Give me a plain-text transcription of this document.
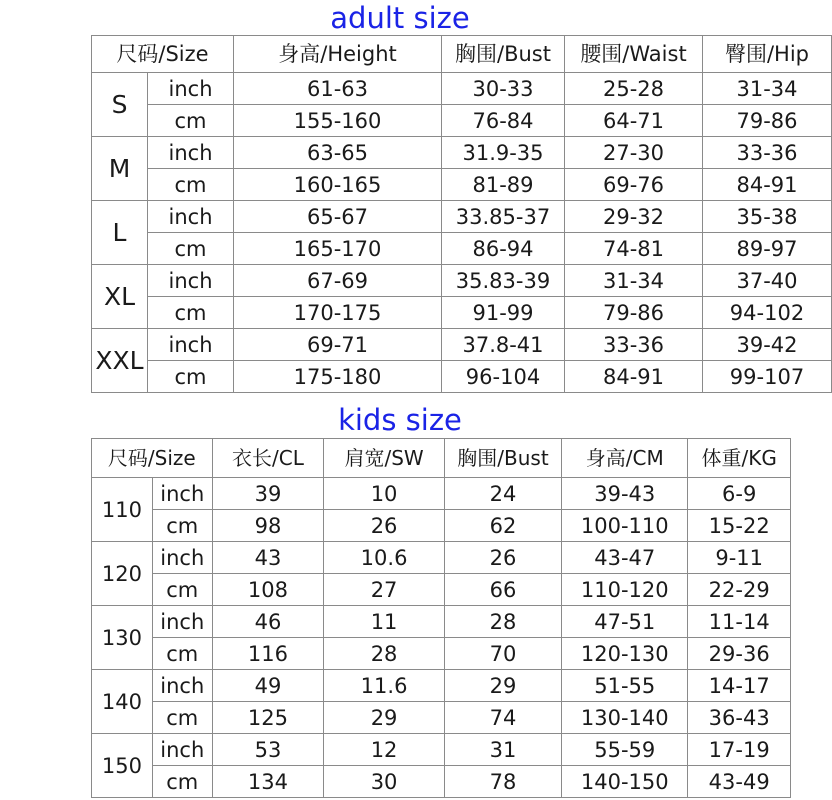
adult size
尺码/Size		身高/Height	胸围/Bust	腰围/Waist	臀围/Hip
S	inch	61-63	30-33	25-28	31-34
	cm	155-160	76-84	64-71	79-86
M	inch	63-65	31.9-35	27-30	33-36
	cm	160-165	81-89	69-76	84-91
L	inch	65-67	33.85-37	29-32	35-38
	cm	165-170	86-94	74-81	89-97
XL	inch	67-69	35.83-39	31-34	37-40
	cm	170-175	91-99	79-86	94-102
XXL	inch	69-71	37.8-41	33-36	39-42
	cm	175-180	96-104	84-91	99-107
kids size
尺码/Size		衣长/CL	肩宽/SW	胸围/Bust	身高/CM	体重/KG
110	inch	39	10	24	39-43	6-9
	cm	98	26	62	100-110	15-22
120	inch	43	10.6	26	43-47	9-11
	cm	108	27	66	110-120	22-29
130	inch	46	11	28	47-51	11-14
	cm	116	28	70	120-130	29-36
140	inch	49	11.6	29	51-55	14-17
	cm	125	29	74	130-140	36-43
150	inch	53	12	31	55-59	17-19
	cm	134	30	78	140-150	43-49
